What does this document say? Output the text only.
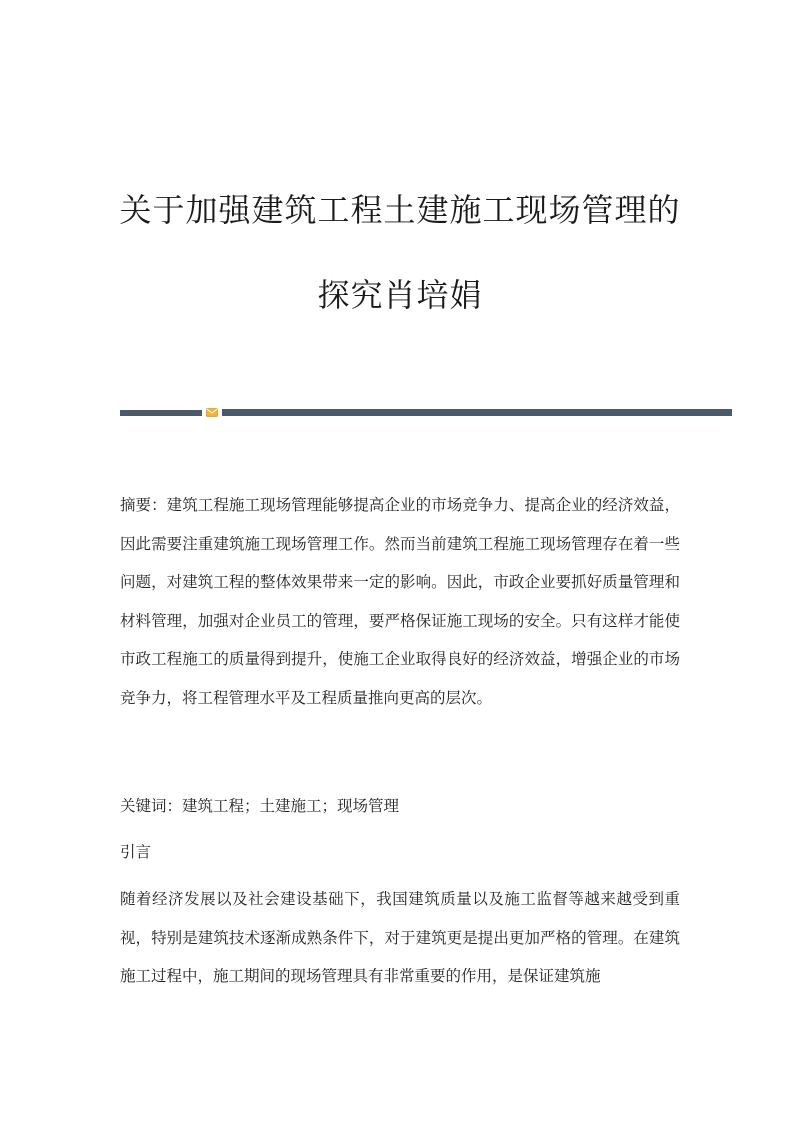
关于加强建筑工程土建施工现场管理的
探究肖培娟
摘要：建筑工程施工现场管理能够提高企业的市场竞争力、提高企业的经济效益，因此需要注重建筑施工现场管理工作。然而当前建筑工程施工现场管理存在着一些问题，对建筑工程的整体效果带来一定的影响。因此，市政企业要抓好质量管理和材料管理，加强对企业员工的管理，要严格保证施工现场的安全。只有这样才能使市政工程施工的质量得到提升，使施工企业取得良好的经济效益，增强企业的市场竞争力，将工程管理水平及工程质量推向更高的层次。
关键词：建筑工程；土建施工；现场管理
引言
随着经济发展以及社会建设基础下，我国建筑质量以及施工监督等越来越受到重视，特别是建筑技术逐渐成熟条件下，对于建筑更是提出更加严格的管理。在建筑施工过程中，施工期间的现场管理具有非常重要的作用，是保证建筑施
